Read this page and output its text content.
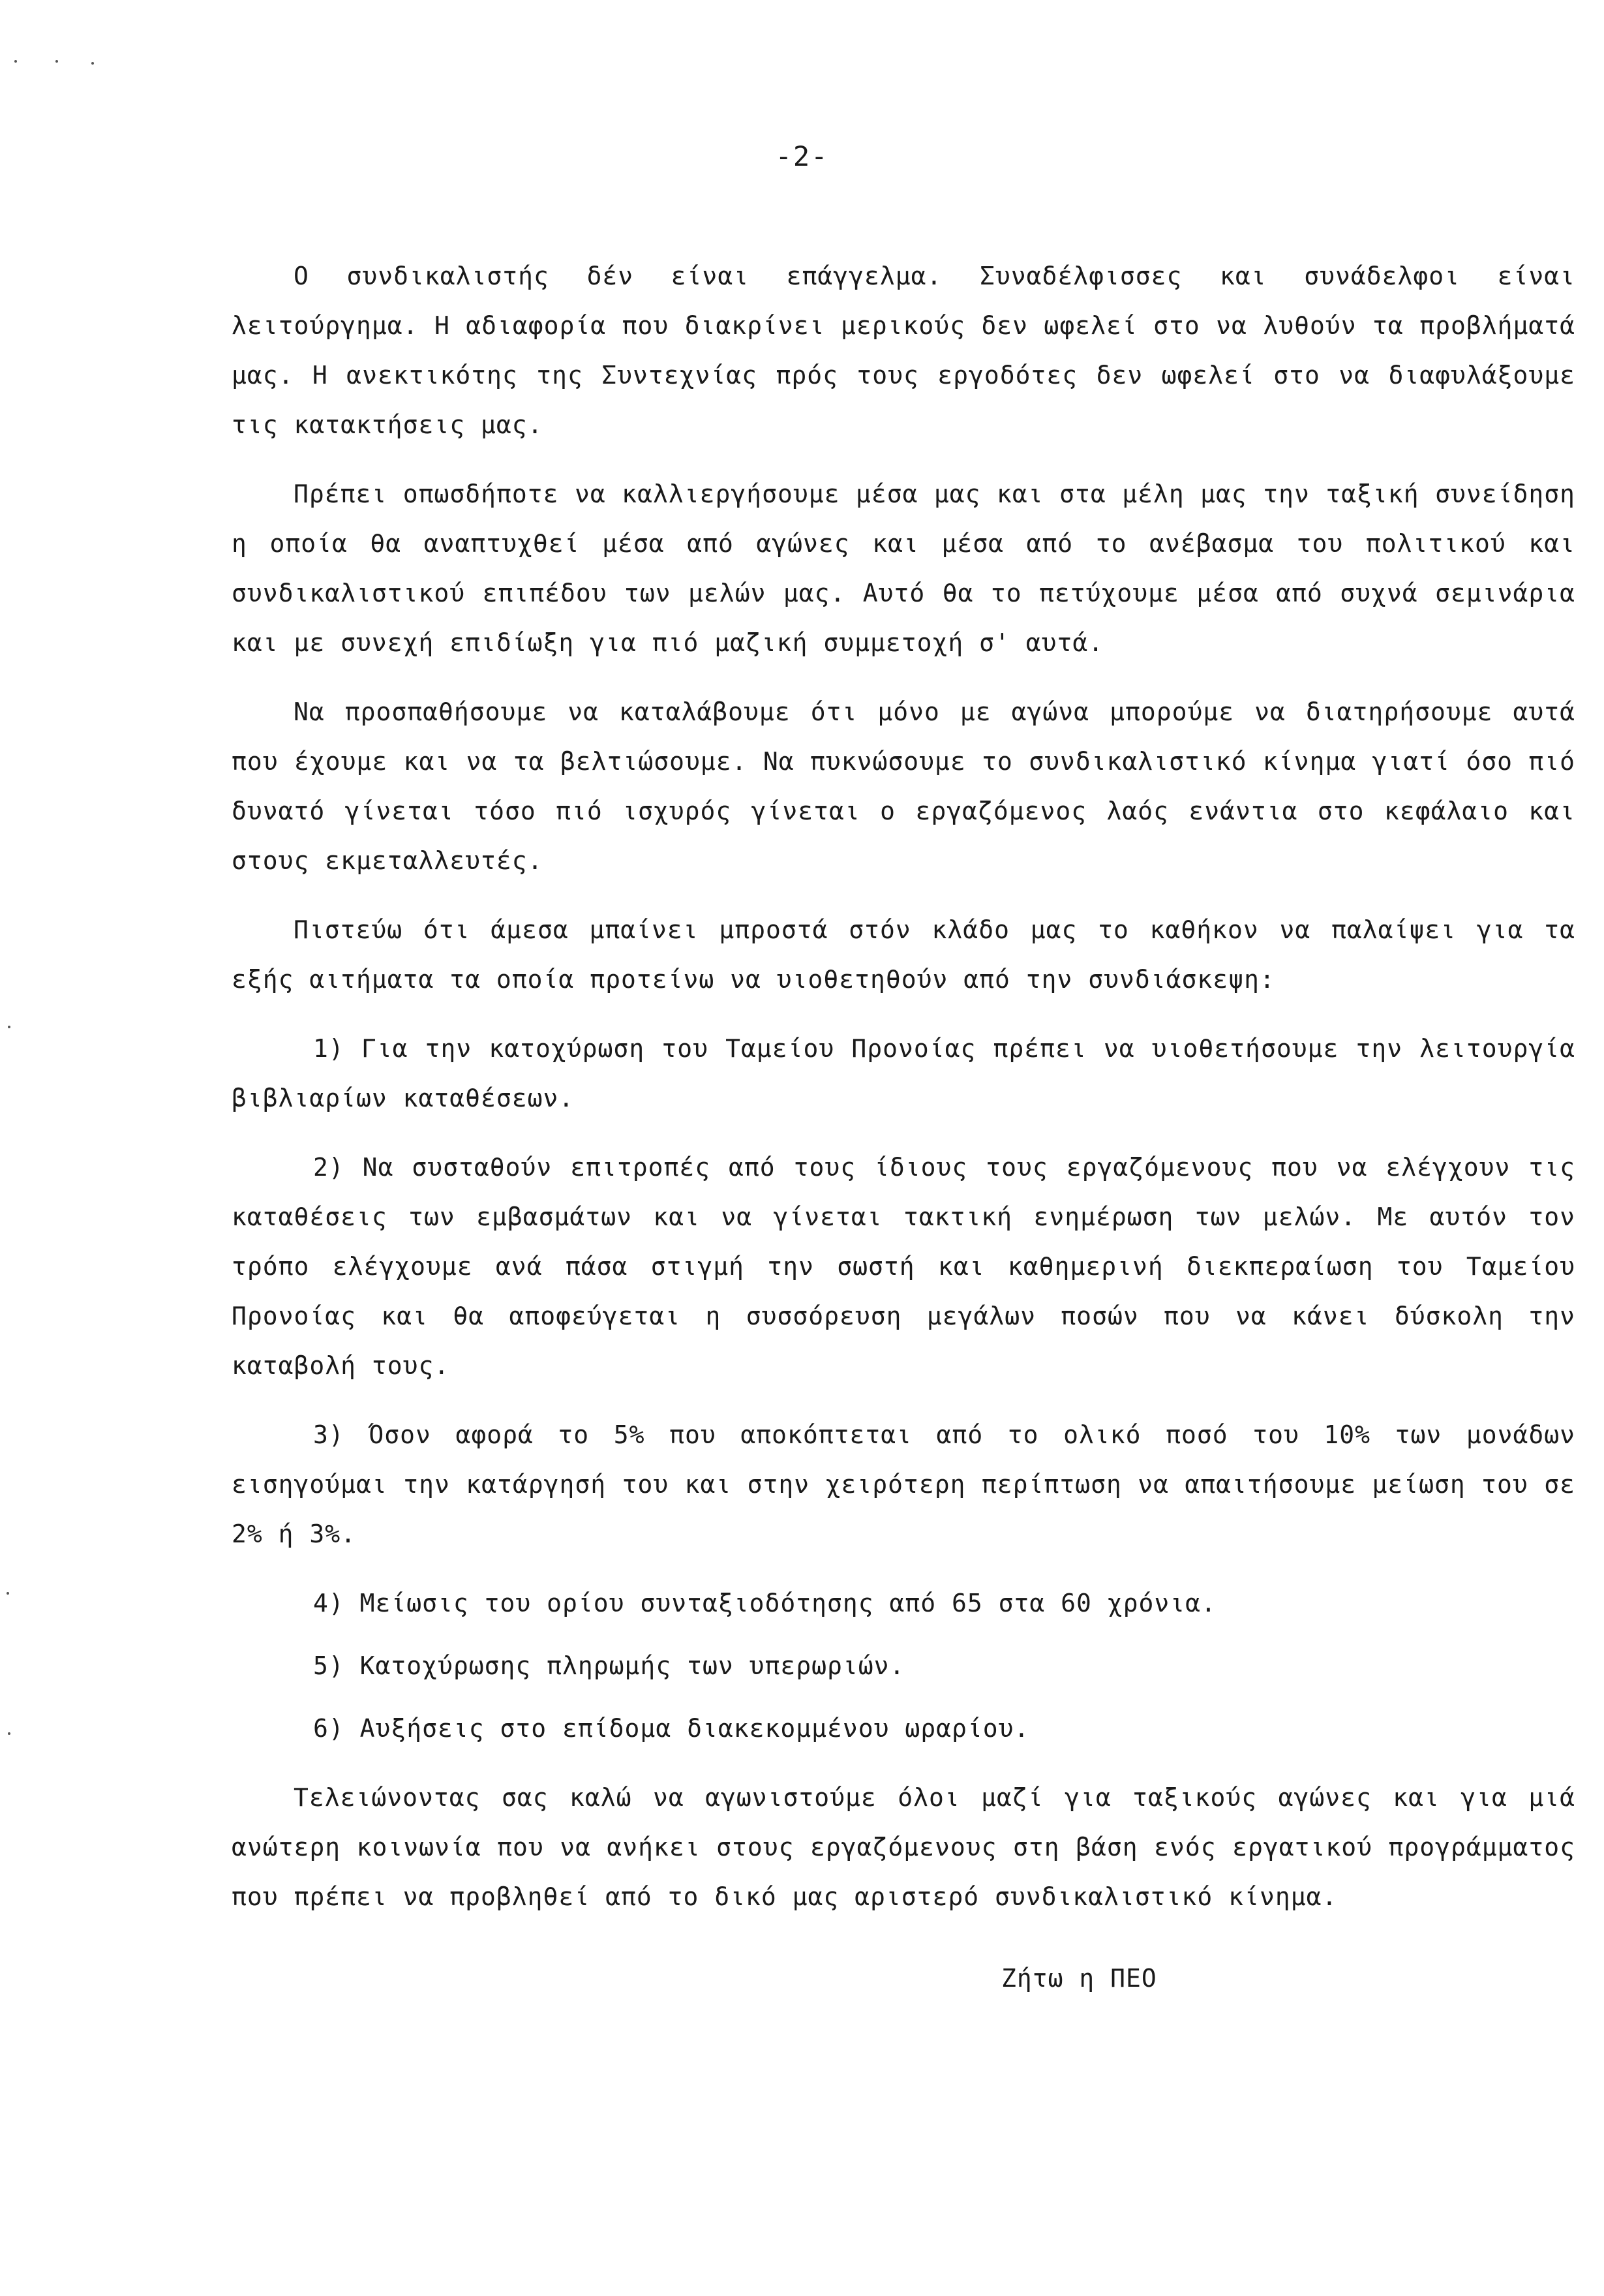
-2-

Ο συνδικαλιστής δέν είναι επάγγελμα. Συναδέλφισσες και συνάδελφοι είναι λειτούργημα. Η αδιαφορία που διακρίνει μερικούς δεν ωφελεί στο να λυθούν τα προβλήματά μας. Η ανεκτικότης της Συντεχνίας πρός τους εργοδότες δεν ωφελεί στο να διαφυλάξουμε τις κατακτήσεις μας.

Πρέπει οπωσδήποτε να καλλιεργήσουμε μέσα μας και στα μέλη μας την ταξική συνείδηση η οποία θα αναπτυχθεί μέσα από αγώνες και μέσα από το ανέβασμα του πολιτικού και συνδικαλιστικού επιπέδου των μελών μας. Αυτό θα το πετύχουμε μέσα από συχνά σεμινάρια και με συνεχή επιδίωξη για πιό μαζική συμμετοχή σ' αυτά.

Να προσπαθήσουμε να καταλάβουμε ότι μόνο με αγώνα μπορούμε να διατηρήσουμε αυτά που έχουμε και να τα βελτιώσουμε. Να πυκνώσουμε το συνδικαλιστικό κίνημα γιατί όσο πιό δυνατό γίνεται τόσο πιό ισχυρός γίνεται ο εργαζόμενος λαός ενάντια στο κεφάλαιο και στους εκμεταλλευτές.

Πιστεύω ότι άμεσα μπαίνει μπροστά στόν κλάδο μας το καθήκον να παλαίψει για τα εξής αιτήματα τα οποία προτείνω να υιοθετηθούν από την συνδιάσκεψη:

1) Για την κατοχύρωση του Ταμείου Προνοίας πρέπει να υιοθετήσουμε την λειτουργία βιβλιαρίων καταθέσεων.

2) Να συσταθούν επιτροπές από τους ίδιους τους εργαζόμενους που να ελέγχουν τις καταθέσεις των εμβασμάτων και να γίνεται τακτική ενημέρωση των μελών. Με αυτόν τον τρόπο ελέγχουμε ανά πάσα στιγμή την σωστή και καθημερινή διεκπεραίωση του Ταμείου Προνοίας και θα αποφεύγεται η συσσόρευση μεγάλων ποσών που να κάνει δύσκολη την καταβολή τους.

3) Όσον αφορά το 5% που αποκόπτεται από το ολικό ποσό του 10% των μονάδων εισηγούμαι την κατάργησή του και στην χειρότερη περίπτωση να απαιτήσουμε μείωση του σε 2% ή 3%.

4) Μείωσις του ορίου συνταξιοδότησης από 65 στα 60 χρόνια.

5) Κατοχύρωσης πληρωμής των υπερωριών.

6) Αυξήσεις στο επίδομα διακεκομμένου ωραρίου.

Τελειώνοντας σας καλώ να αγωνιστούμε όλοι μαζί για ταξικούς αγώνες και για μιά ανώτερη κοινωνία που να ανήκει στους εργαζόμενους στη βάση ενός εργατικού προγράμματος που πρέπει να προβληθεί από το δικό μας αριστερό συνδικαλιστικό κίνημα.

Ζήτω η ΠΕΟ
